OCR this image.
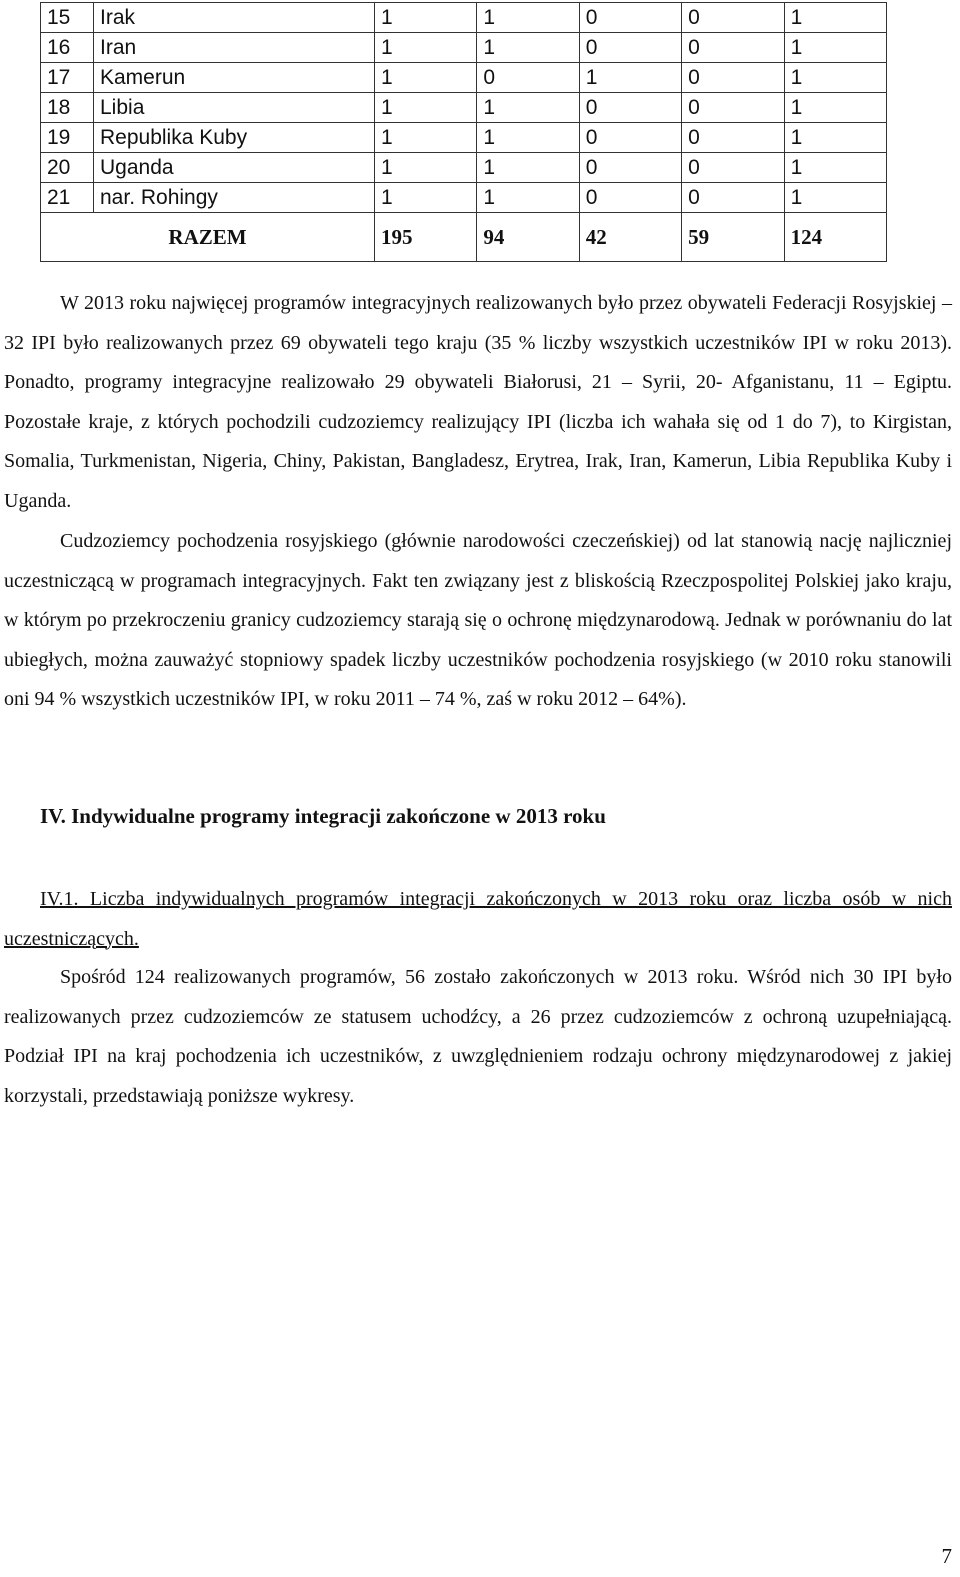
15	Irak	1	1	0	0	1
16	Iran	1	1	0	0	1
17	Kamerun	1	0	1	0	1
18	Libia	1	1	0	0	1
19	Republika Kuby	1	1	0	0	1
20	Uganda	1	1	0	0	1
21	nar. Rohingy	1	1	0	0	1
RAZEM		195	94	42	59	124

W 2013 roku najwięcej programów integracyjnych realizowanych było przez obywateli Federacji Rosyjskiej – 32 IPI było realizowanych przez 69 obywateli tego kraju (35 % liczby wszystkich uczestników IPI w roku 2013). Ponadto, programy integracyjne realizowało 29 obywateli Białorusi, 21 – Syrii, 20- Afganistanu, 11 – Egiptu. Pozostałe kraje, z których pochodzili cudzoziemcy realizujący IPI (liczba ich wahała się od 1 do 7), to Kirgistan, Somalia, Turkmenistan, Nigeria, Chiny, Pakistan, Bangladesz, Erytrea, Irak, Iran, Kamerun, Libia Republika Kuby i Uganda.

Cudzoziemcy pochodzenia rosyjskiego (głównie narodowości czeczeńskiej) od lat stanowią nację najliczniej uczestniczącą w programach integracyjnych. Fakt ten związany jest z bliskością Rzeczpospolitej Polskiej jako kraju, w którym po przekroczeniu granicy cudzoziemcy starają się o ochronę międzynarodową. Jednak w porównaniu do lat ubiegłych, można zauważyć stopniowy spadek liczby uczestników pochodzenia rosyjskiego (w 2010 roku stanowili oni 94 % wszystkich uczestników IPI, w roku 2011 – 74 %, zaś w roku 2012 – 64%).

IV. Indywidualne programy integracji zakończone w 2013 roku

IV.1. Liczba indywidualnych programów integracji zakończonych w 2013 roku oraz liczba osób w nich uczestniczących.

Spośród 124 realizowanych programów, 56 zostało zakończonych w 2013 roku. Wśród nich 30 IPI było realizowanych przez cudzoziemców ze statusem uchodźcy, a 26 przez cudzoziemców z ochroną uzupełniającą. Podział IPI na kraj pochodzenia ich uczestników, z uwzględnieniem rodzaju ochrony międzynarodowej z jakiej korzystali, przedstawiają poniższe wykresy.

7
